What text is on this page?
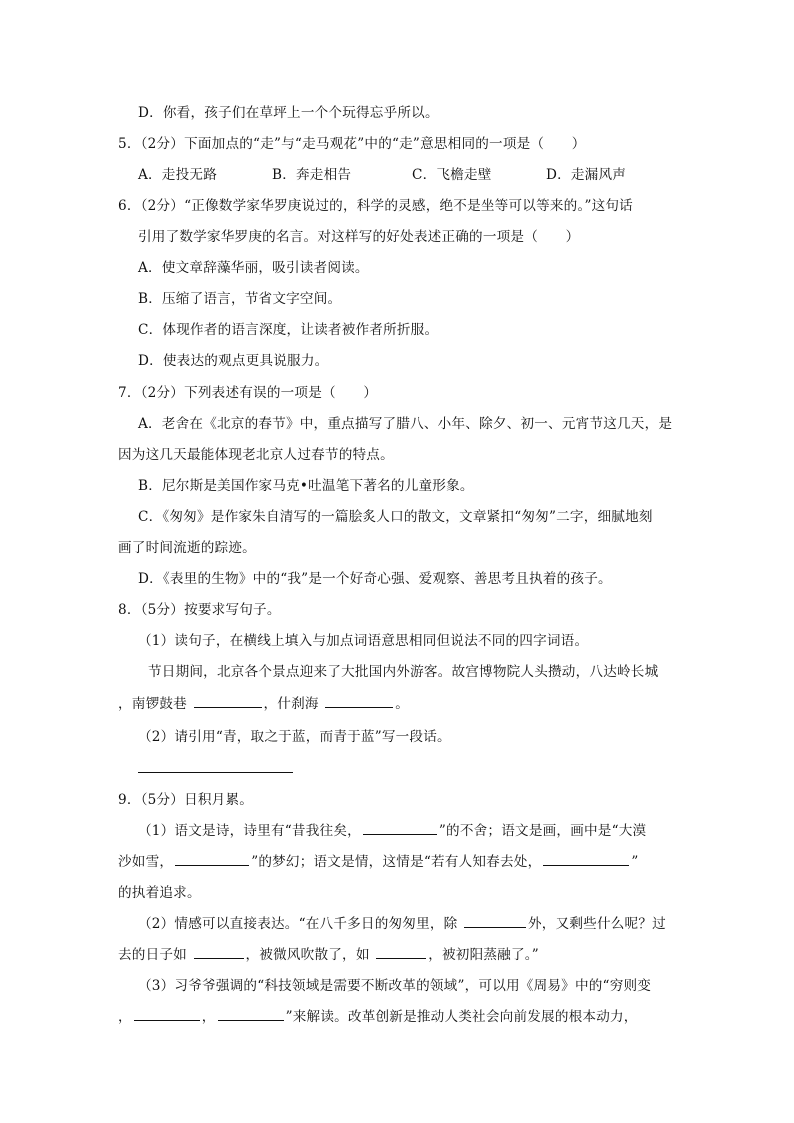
D．你看，孩子们在草坪上一个个玩得忘乎所以。
5．（2分）下面加点的“走”与“走马观花”中的“走”意思相同的一项是（　　）
A．走投无路	B．奔走相告	C．飞檐走壁	D．走漏风声
6．（2分）“正像数学家华罗庚说过的，科学的灵感，绝不是坐等可以等来的。”这句话
引用了数学家华罗庚的名言。对这样写的好处表述正确的一项是（　　）
A．使文章辞藻华丽，吸引读者阅读。
B．压缩了语言，节省文字空间。
C．体现作者的语言深度，让读者被作者所折服。
D．使表达的观点更具说服力。
7．（2分）下列表述有误的一项是（　　）
A．老舍在《北京的春节》中，重点描写了腊八、小年、除夕、初一、元宵节这几天，是
因为这几天最能体现老北京人过春节的特点。
B．尼尔斯是美国作家马克•吐温笔下著名的儿童形象。
C．《匆匆》是作家朱自清写的一篇脍炙人口的散文，文章紧扣“匆匆”二字，细腻地刻
画了时间流逝的踪迹。
D．《表里的生物》中的“我”是一个好奇心强、爱观察、善思考且执着的孩子。
8．（5分）按要求写句子。
（1）读句子，在横线上填入与加点词语意思相同但说法不同的四字词语。
节日期间，北京各个景点迎来了大批国内外游客。故宫博物院人头攒动，八达岭长城
，南锣鼓巷	，什刹海	。
（2）请引用“青，取之于蓝，而青于蓝”写一段话。
9．（5分）日积月累。
（1）语文是诗，诗里有“昔我往矣，	”的不舍；语文是画，画中是“大漠
沙如雪，	”的梦幻；语文是情，这情是“若有人知春去处，	”
的执着追求。
（2）情感可以直接表达。“在八千多日的匆匆里，除	外，又剩些什么呢？过
去的日子如	，被微风吹散了，如	，被初阳蒸融了。”
（3）习爷爷强调的“科技领域是需要不断改革的领域”，可以用《周易》中的“穷则变
，	，	”来解读。改革创新是推动人类社会向前发展的根本动力，
